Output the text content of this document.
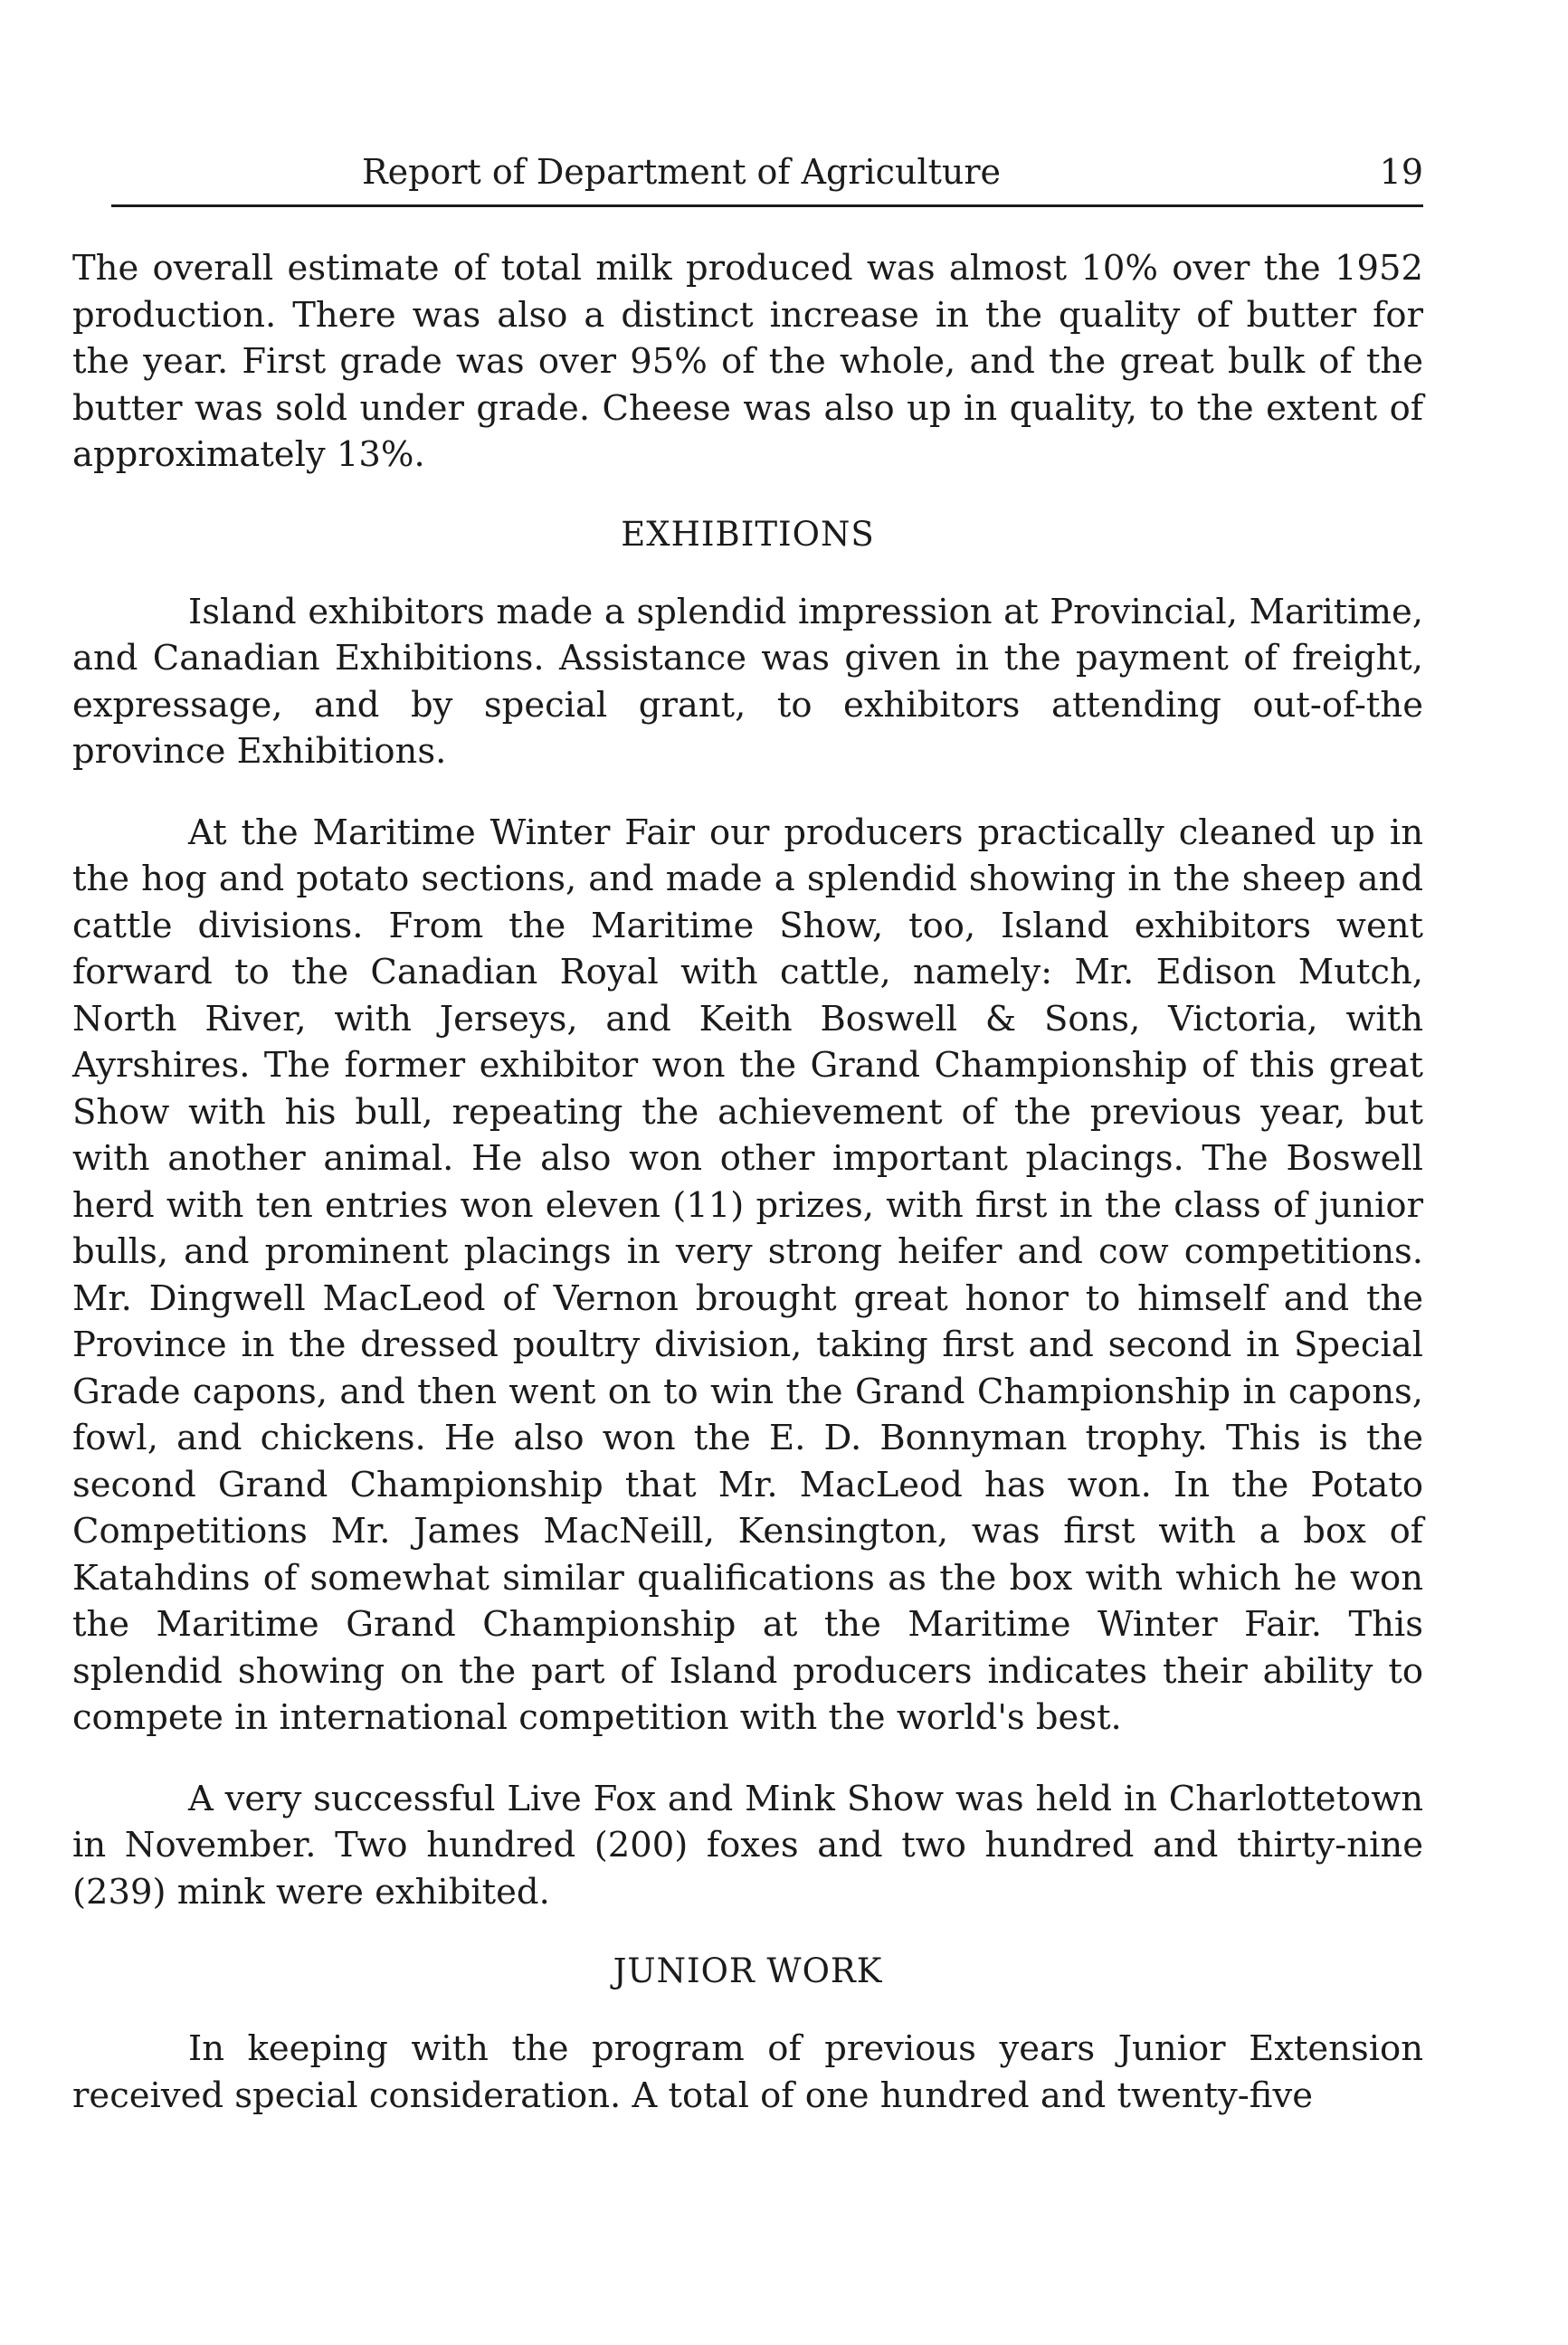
Report of Department of Agriculture	19

The overall estimate of total milk produced was almost 10% over the 1952 production. There was also a distinct increase in the quality of butter for the year. First grade was over 95% of the whole, and the great bulk of the butter was sold under grade. Cheese was also up in quality, to the extent of approximately 13%.

EXHIBITIONS

Island exhibitors made a splendid impression at Provincial, Maritime, and Canadian Exhibitions. Assistance was given in the payment of freight, expressage, and by special grant, to exhibitors attending out-of-the province Exhibitions.

At the Maritime Winter Fair our producers practically cleaned up in the hog and potato sections, and made a splendid showing in the sheep and cattle divisions. From the Maritime Show, too, Island exhibitors went forward to the Canadian Royal with cattle, namely: Mr. Edison Mutch, North River, with Jerseys, and Keith Boswell & Sons, Victoria, with Ayrshires. The former exhibitor won the Grand Championship of this great Show with his bull, repeating the achievement of the previous year, but with another animal. He also won other important placings. The Boswell herd with ten entries won eleven (11) prizes, with first in the class of junior bulls, and prominent placings in very strong heifer and cow competitions. Mr. Dingwell MacLeod of Vernon brought great honor to himself and the Province in the dressed poultry division, taking first and second in Special Grade capons, and then went on to win the Grand Championship in capons, fowl, and chickens. He also won the E. D. Bonnyman trophy. This is the second Grand Championship that Mr. MacLeod has won. In the Potato Competitions Mr. James MacNeill, Kensington, was first with a box of Katahdins of somewhat similar qualifications as the box with which he won the Maritime Grand Championship at the Maritime Winter Fair. This splendid showing on the part of Island producers indicates their ability to compete in international competition with the world's best.

A very successful Live Fox and Mink Show was held in Charlottetown in November. Two hundred (200) foxes and two hundred and thirty-nine (239) mink were exhibited.

JUNIOR WORK

In keeping with the program of previous years Junior Extension received special consideration. A total of one hundred and twenty-five
